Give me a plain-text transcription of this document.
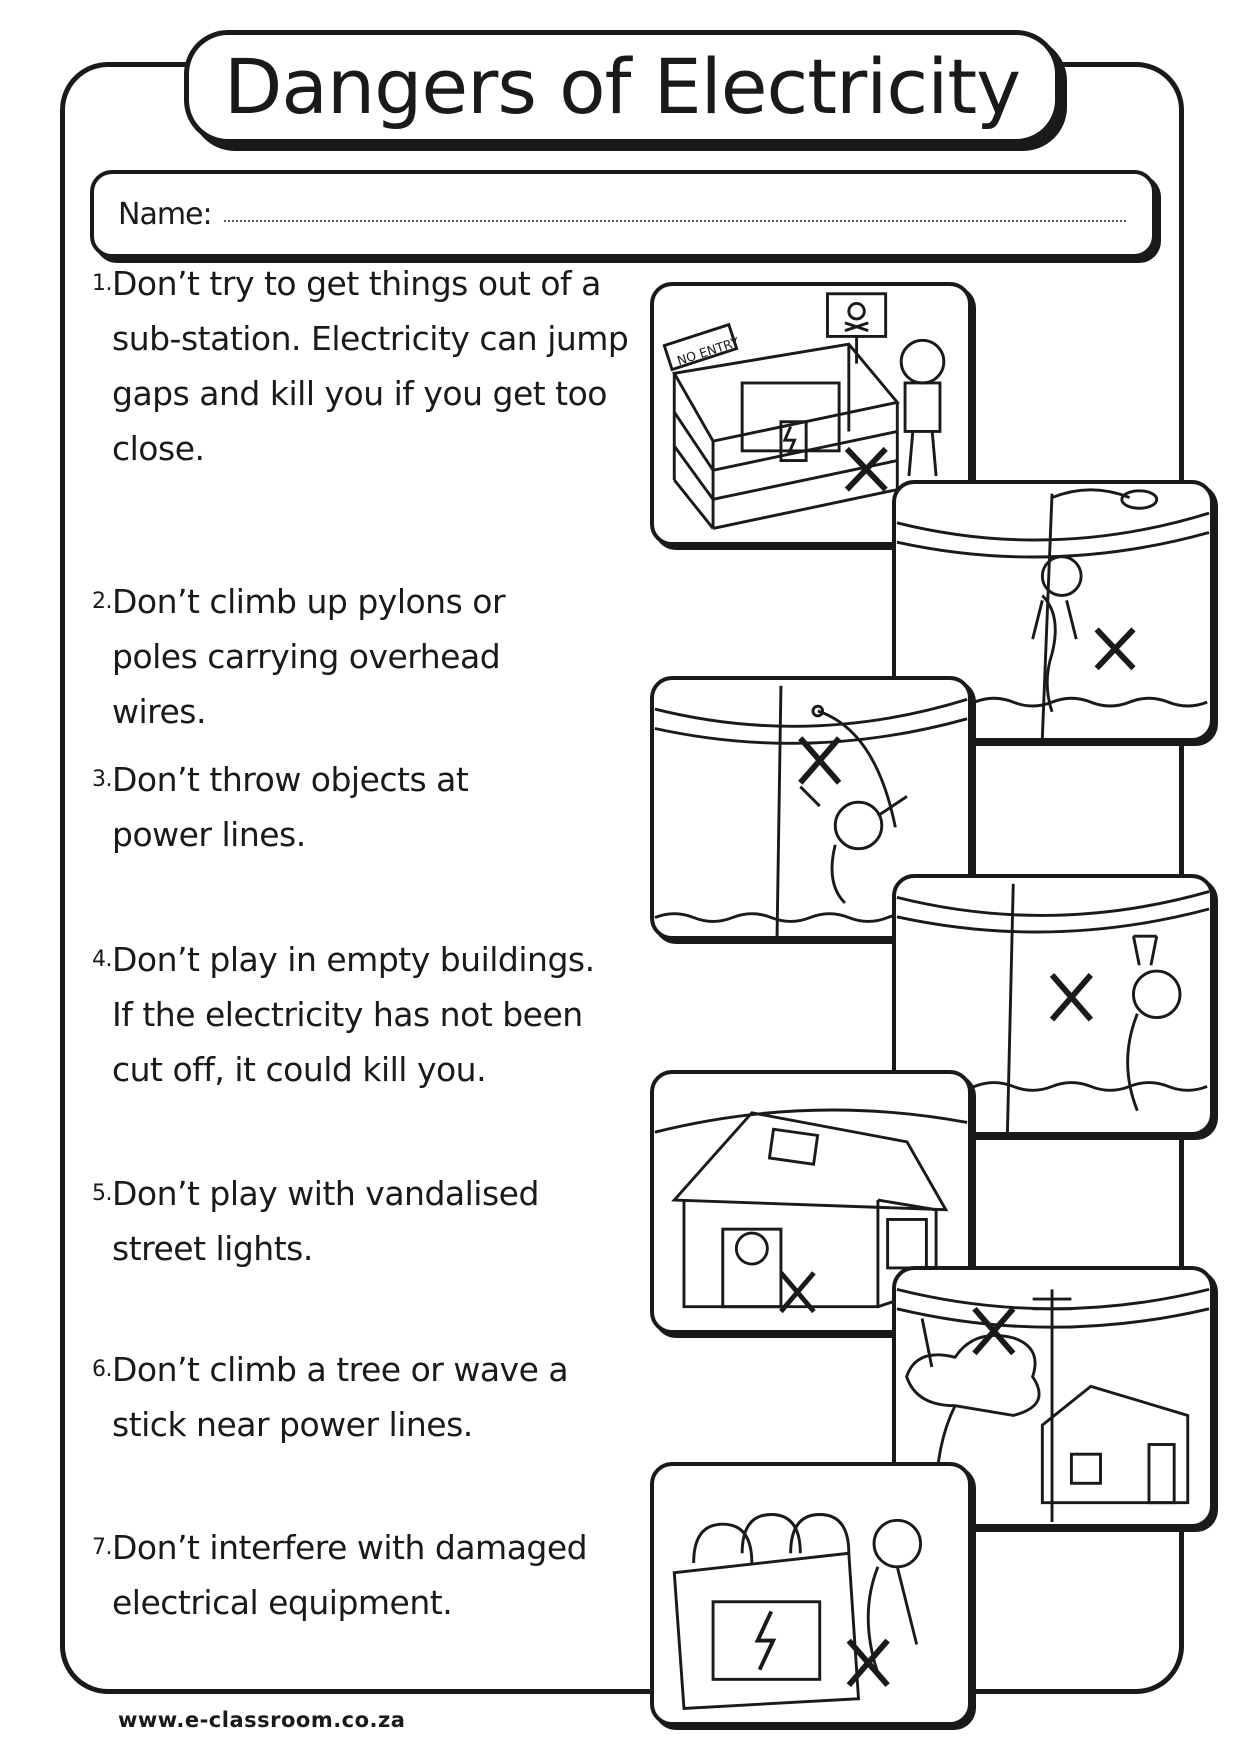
Dangers of Electricity
Name:
1. Don’t try to get things out of a sub-station. Electricity can jump gaps and kill you if you get too close.
2. Don’t climb up pylons or poles carrying overhead wires.
3. Don’t throw objects at power lines.
4. Don’t play in empty buildings. If the electricity has not been cut off, it could kill you.
5. Don’t play with vandalised street lights.
6. Don’t climb a tree or wave a stick near power lines.
7. Don’t interfere with damaged electrical equipment.
NO ENTRY
www.e-classroom.co.za
